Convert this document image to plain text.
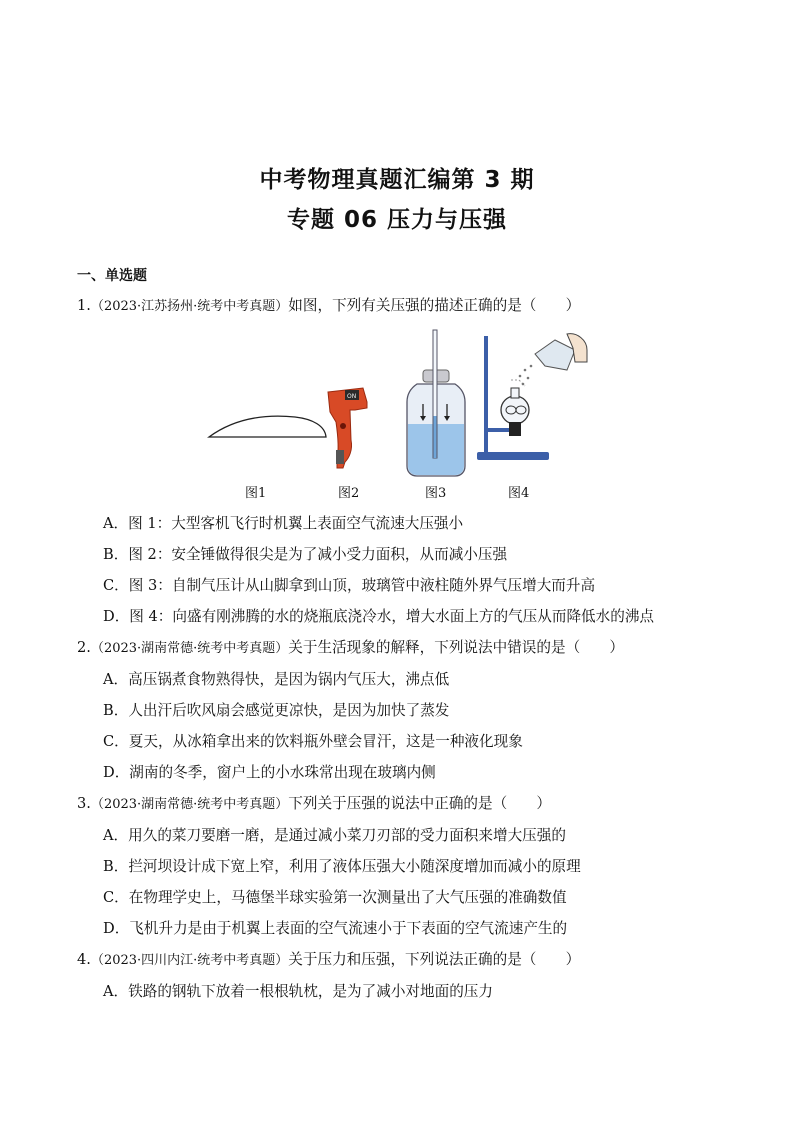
中考物理真题汇编第 3 期
专题 06 压力与压强
一、单选题
1.（2023·江苏扬州·统考中考真题）如图，下列有关压强的描述正确的是（　　）
ON
图1	图2	图3	图4
A．图 1：大型客机飞行时机翼上表面空气流速大压强小
B．图 2：安全锤做得很尖是为了减小受力面积，从而减小压强
C．图 3：自制气压计从山脚拿到山顶，玻璃管中液柱随外界气压增大而升高
D．图 4：向盛有刚沸腾的水的烧瓶底浇冷水，增大水面上方的气压从而降低水的沸点
2.（2023·湖南常德·统考中考真题）关于生活现象的解释，下列说法中错误的是（　　）
A．高压锅煮食物熟得快，是因为锅内气压大，沸点低
B．人出汗后吹风扇会感觉更凉快，是因为加快了蒸发
C．夏天，从冰箱拿出来的饮料瓶外壁会冒汗，这是一种液化现象
D．湖南的冬季，窗户上的小水珠常出现在玻璃内侧
3.（2023·湖南常德·统考中考真题）下列关于压强的说法中正确的是（　　）
A．用久的菜刀要磨一磨，是通过减小菜刀刃部的受力面积来增大压强的
B．拦河坝设计成下宽上窄，利用了液体压强大小随深度增加而减小的原理
C．在物理学史上，马德堡半球实验第一次测量出了大气压强的准确数值
D．飞机升力是由于机翼上表面的空气流速小于下表面的空气流速产生的
4.（2023·四川内江·统考中考真题）关于压力和压强，下列说法正确的是（　　）
A．铁路的钢轨下放着一根根轨枕，是为了减小对地面的压力
